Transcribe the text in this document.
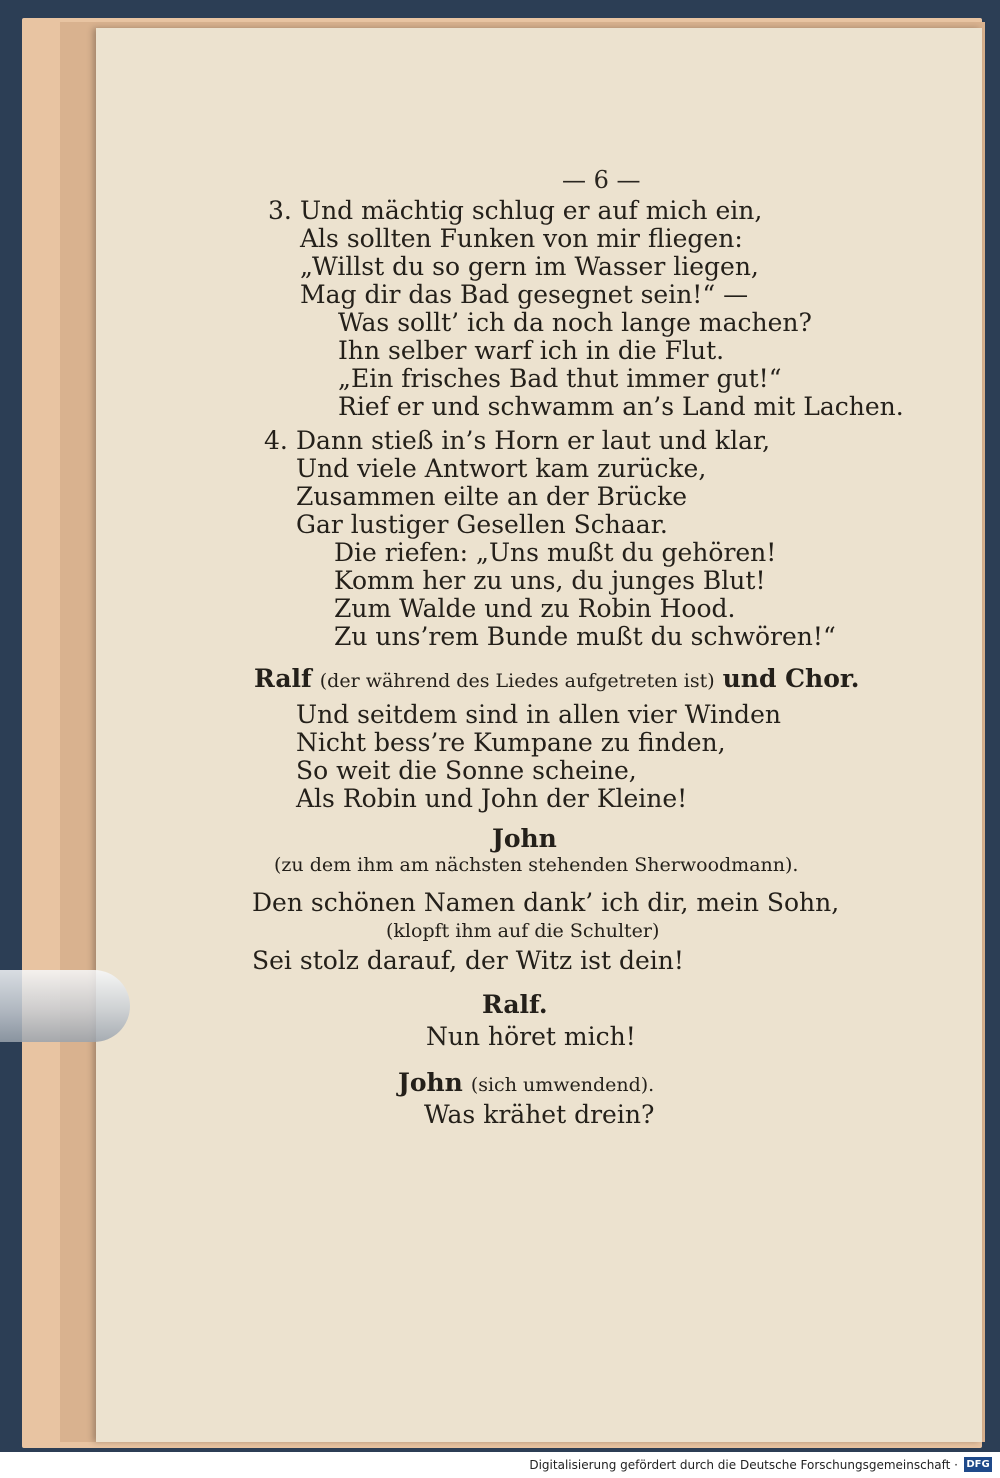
— 6 —
3. Und mächtig schlug er auf mich ein,
Als sollten Funken von mir fliegen:
„Willst du so gern im Wasser liegen,
Mag dir das Bad gesegnet sein!“ —
Was sollt’ ich da noch lange machen?
Ihn selber warf ich in die Flut.
„Ein frisches Bad thut immer gut!“
Rief er und schwamm an’s Land mit Lachen.
4. Dann stieß in’s Horn er laut und klar,
Und viele Antwort kam zurücke,
Zusammen eilte an der Brücke
Gar lustiger Gesellen Schaar.
Die riefen: „Uns mußt du gehören!
Komm her zu uns, du junges Blut!
Zum Walde und zu Robin Hood.
Zu uns’rem Bunde mußt du schwören!“
Ralf (der während des Liedes aufgetreten ist) und Chor.
Und seitdem sind in allen vier Winden
Nicht bess’re Kumpane zu finden,
So weit die Sonne scheine,
Als Robin und John der Kleine!
John
(zu dem ihm am nächsten stehenden Sherwoodmann).
Den schönen Namen dank’ ich dir, mein Sohn,
(klopft ihm auf die Schulter)
Sei stolz darauf, der Witz ist dein!
Ralf.
Nun höret mich!
John (sich umwendend).
Was krähet drein?
Digitalisierung gefördert durch die Deutsche Forschungsgemeinschaft · DFG
